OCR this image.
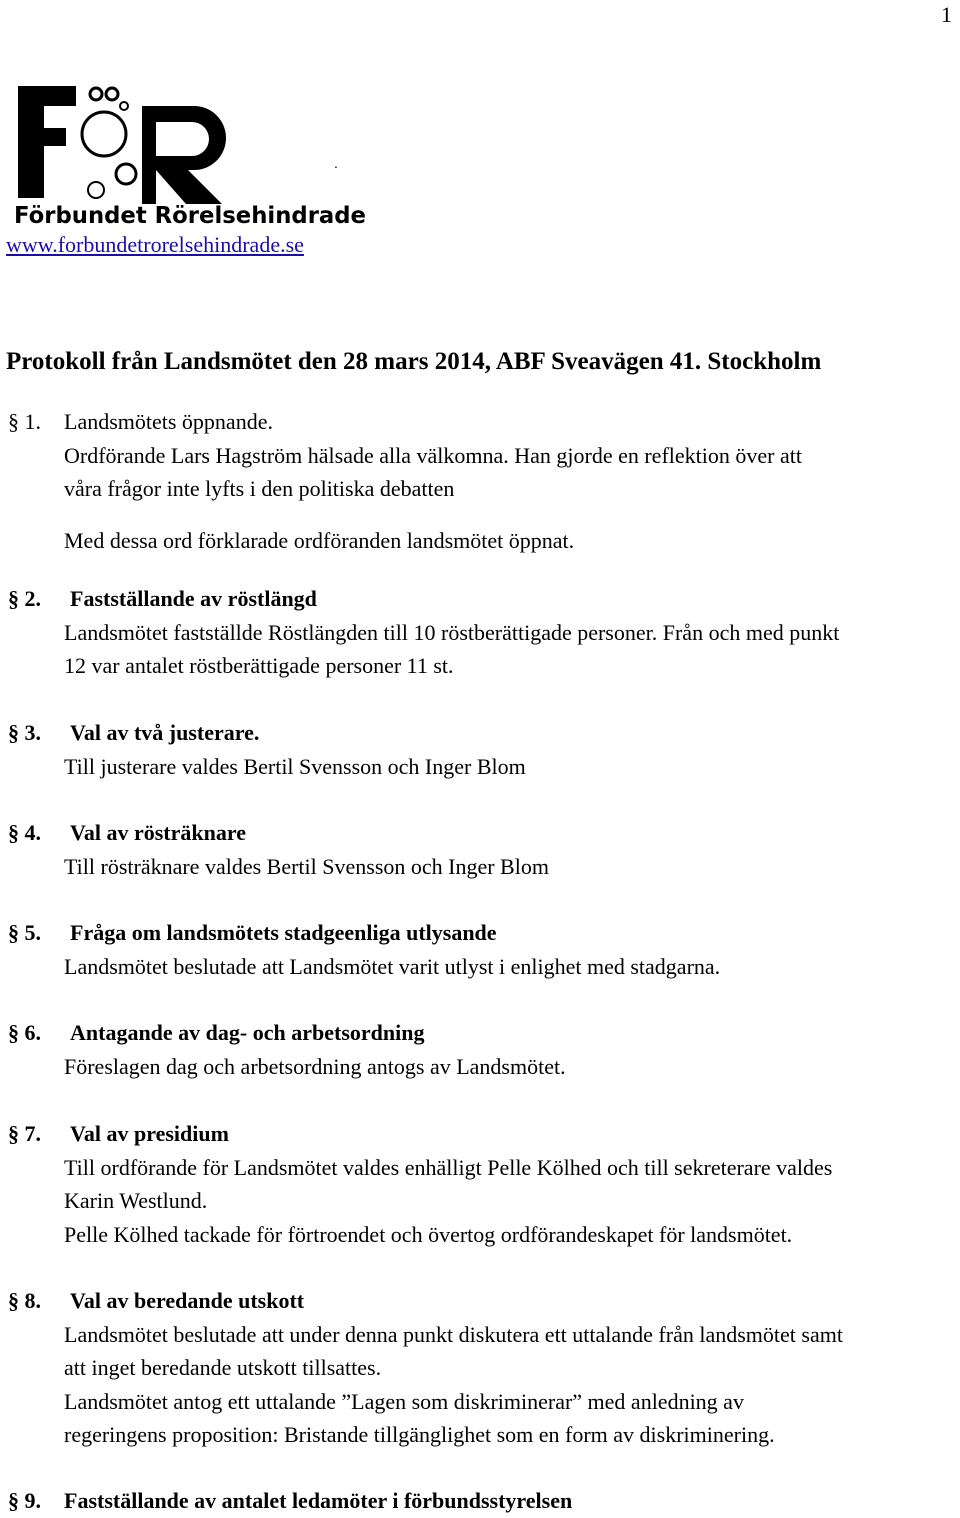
1
.
Förbundet Rörelsehindrade
www.forbundetrorelsehindrade.se
Protokoll från Landsmötet den 28 mars 2014, ABF Sveavägen 41. Stockholm
§ 1. Landsmötets öppnande.

Ordförande Lars Hagström hälsade alla välkomna. Han gjorde en reflektion över att

våra frågor inte lyfts i den politiska debatten

Med dessa ord förklarade ordföranden landsmötet öppnat.

§ 2. Fastställande av röstlängd

Landsmötet fastställde Röstlängden till 10 röstberättigade personer. Från och med punkt

12 var antalet röstberättigade personer 11 st.

§ 3. Val av två justerare.

Till justerare valdes Bertil Svensson och Inger Blom

§ 4. Val av rösträknare

Till rösträknare valdes Bertil Svensson och Inger Blom

§ 5. Fråga om landsmötets stadgeenliga utlysande

Landsmötet beslutade att Landsmötet varit utlyst i enlighet med stadgarna.

§ 6. Antagande av dag- och arbetsordning

Föreslagen dag och arbetsordning antogs av Landsmötet.

§ 7. Val av presidium

Till ordförande för Landsmötet valdes enhälligt Pelle Kölhed och till sekreterare valdes

Karin Westlund.

Pelle Kölhed tackade för förtroendet och övertog ordförandeskapet för landsmötet.

§ 8. Val av beredande utskott

Landsmötet beslutade att under denna punkt diskutera ett uttalande från landsmötet samt

att inget beredande utskott tillsattes.

Landsmötet antog ett uttalande ”Lagen som diskriminerar” med anledning av

regeringens proposition: Bristande tillgänglighet som en form av diskriminering.

§ 9. Fastställande av antalet ledamöter i förbundsstyrelsen
